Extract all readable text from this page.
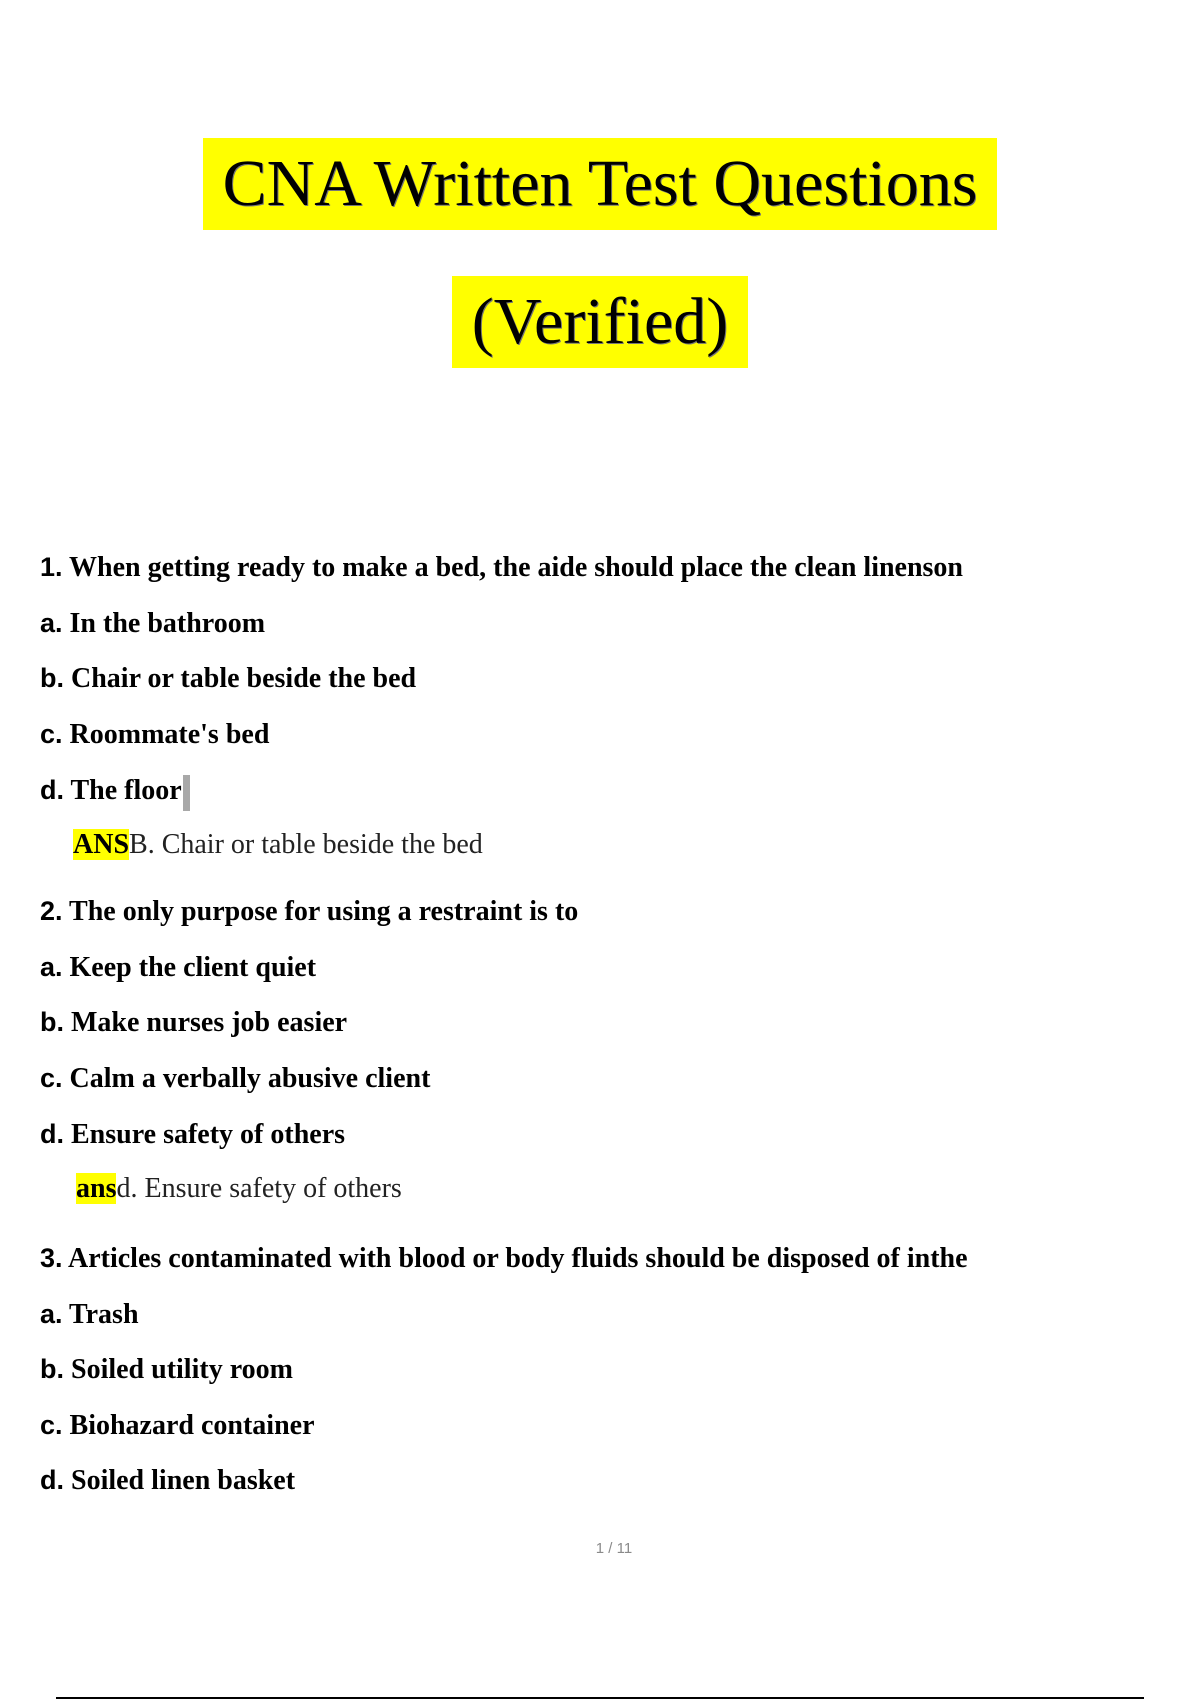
CNA Written Test Questions
(Verified)
1. When getting ready to make a bed, the aide should place the clean linenson
a. In the bathroom
b. Chair or table beside the bed
c. Roommate's bed
d. The floor
ANSB. Chair or table beside the bed
2. The only purpose for using a restraint is to
a. Keep the client quiet
b. Make nurses job easier
c. Calm a verbally abusive client
d. Ensure safety of others
ansd. Ensure safety of others
3. Articles contaminated with blood or body fluids should be disposed of inthe
a. Trash
b. Soiled utility room
c. Biohazard container
d. Soiled linen basket
1 / 11
